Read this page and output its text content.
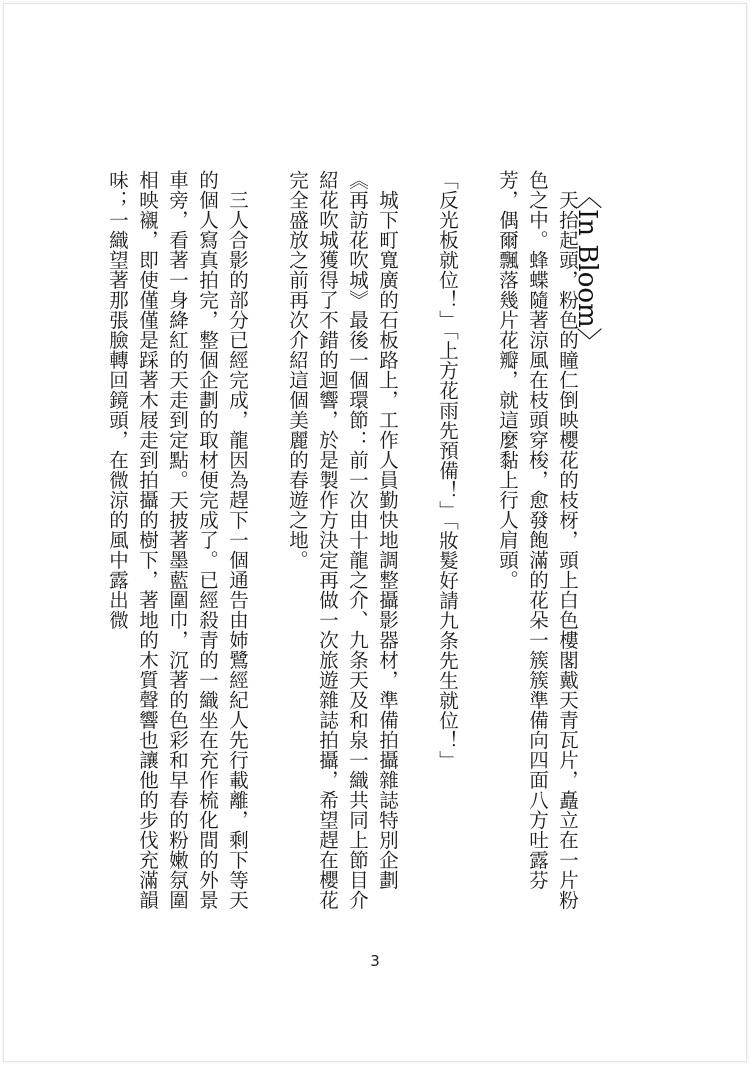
〈In Bloom〉

天抬起頭，粉色的瞳仁倒映櫻花的枝枒，頭上白色樓閣戴天青瓦片，矗立在一片粉色之中。蜂蝶隨著涼風在枝頭穿梭，愈發飽滿的花朵一簇簇準備向四面八方吐露芬芳，偶爾飄落幾片花瓣，就這麼黏上行人肩頭。

「反光板就位！」「上方花雨先預備！」「妝髮好請九条先生就位！」

城下町寬廣的石板路上，工作人員勤快地調整攝影器材，準備拍攝雜誌特別企劃《再訪花吹城》最後一個環節：前一次由十龍之介、九条天及和泉一織共同上節目介紹花吹城獲得了不錯的迴響，於是製作方決定再做一次旅遊雜誌拍攝，希望趕在櫻花完全盛放之前再次介紹這個美麗的春遊之地。

三人合影的部分已經完成，龍因為趕下一個通告由姉鷺經紀人先行載離，剩下等天的個人寫真拍完，整個企劃的取材便完成了。已經殺青的一織坐在充作梳化間的外景車旁，看著一身絳紅的天走到定點。天披著墨藍圍巾，沉著的色彩和早春的粉嫩氛圍相映襯，即使僅僅是踩著木屐走到拍攝的樹下，著地的木質聲響也讓他的步伐充滿韻味；一織望著那張臉轉回鏡頭，在微涼的風中露出微

3
